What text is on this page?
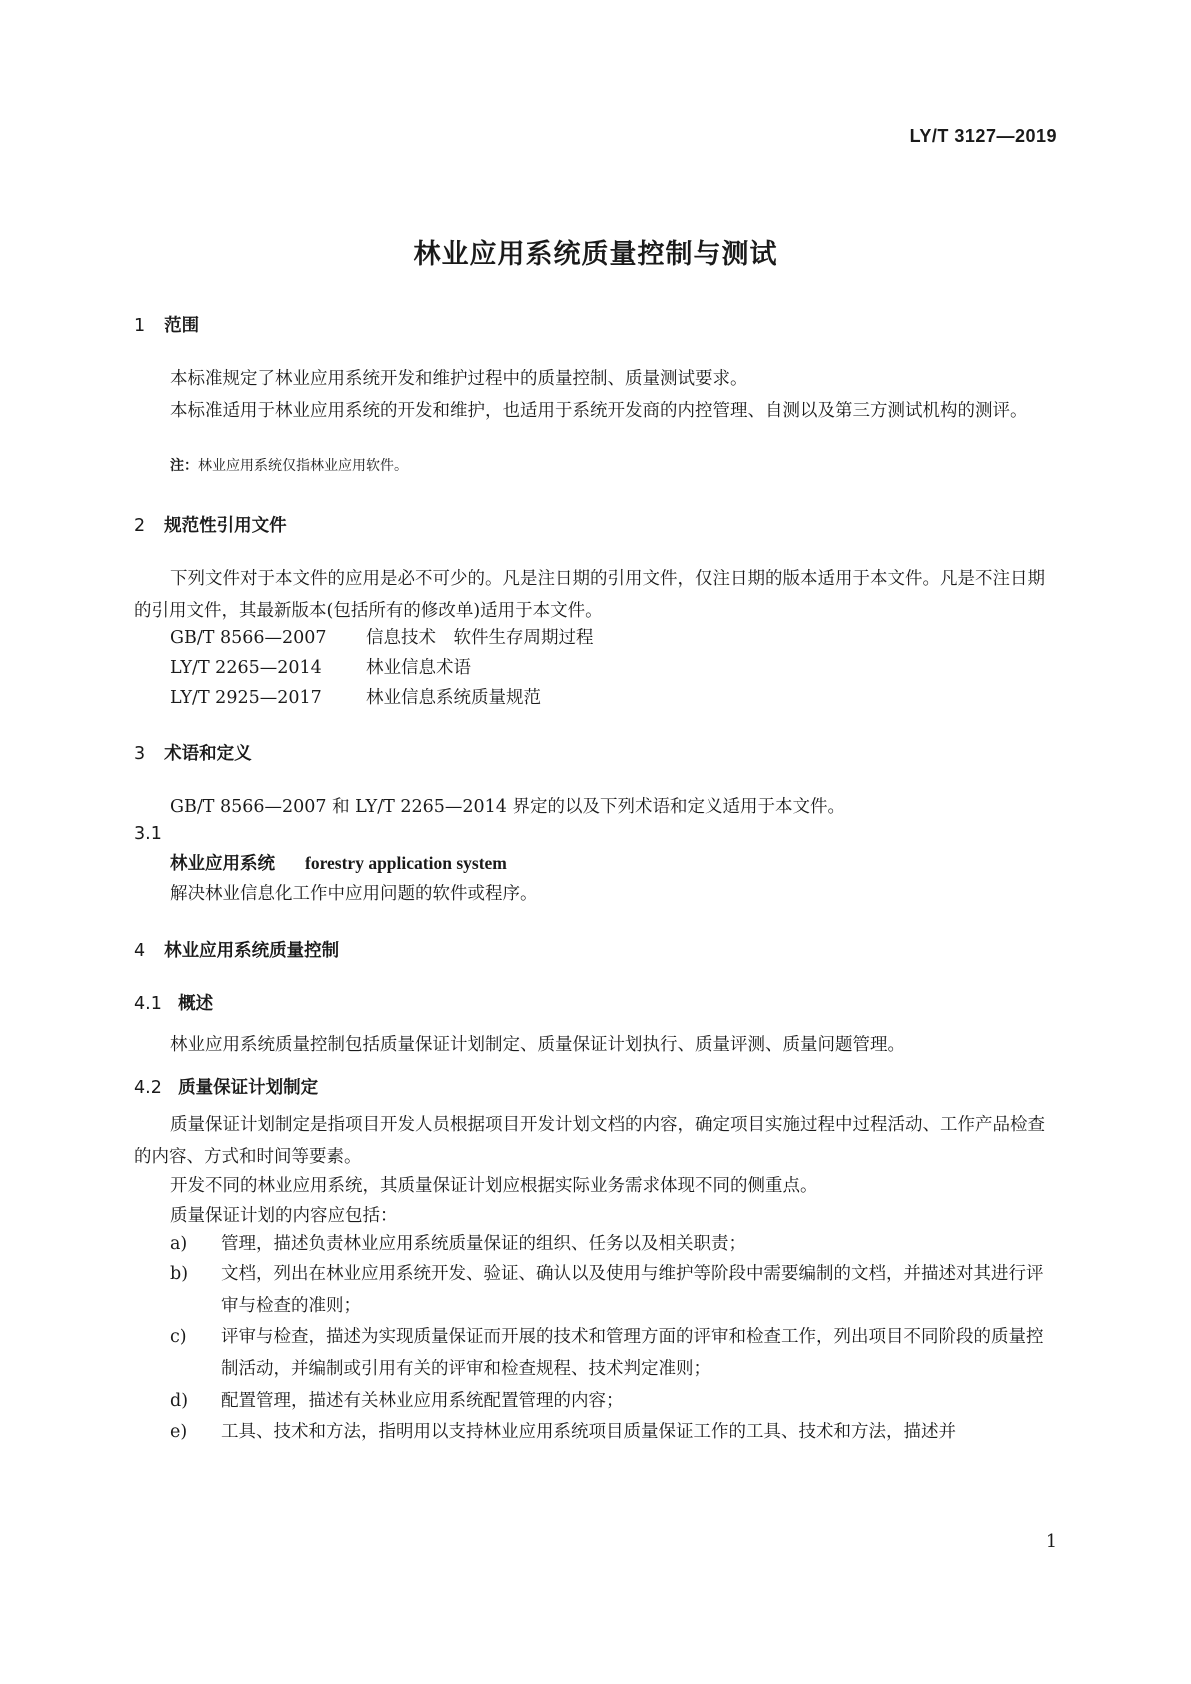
LY/T 3127—2019
林业应用系统质量控制与测试
1 范围
本标准规定了林业应用系统开发和维护过程中的质量控制、质量测试要求。
本标准适用于林业应用系统的开发和维护，也适用于系统开发商的内控管理、自测以及第三方测试机构的测评。
注：林业应用系统仅指林业应用软件。
2 规范性引用文件
下列文件对于本文件的应用是必不可少的。凡是注日期的引用文件，仅注日期的版本适用于本文件。凡是不注日期的引用文件，其最新版本(包括所有的修改单)适用于本文件。
GB/T 8566—2007 信息技术　软件生存周期过程
LY/T 2265—2014	林业信息术语
LY/T 2925—2017	林业信息系统质量规范
3 术语和定义
GB/T 8566—2007 和 LY/T 2265—2014 界定的以及下列术语和定义适用于本文件。
3.1
林业应用系统 forestry application system
解决林业信息化工作中应用问题的软件或程序。
4 林业应用系统质量控制
4.1 概述
林业应用系统质量控制包括质量保证计划制定、质量保证计划执行、质量评测、质量问题管理。
4.2 质量保证计划制定
质量保证计划制定是指项目开发人员根据项目开发计划文档的内容，确定项目实施过程中过程活动、工作产品检查的内容、方式和时间等要素。
开发不同的林业应用系统，其质量保证计划应根据实际业务需求体现不同的侧重点。
质量保证计划的内容应包括：
a)	管理，描述负责林业应用系统质量保证的组织、任务以及相关职责；
b)	文档，列出在林业应用系统开发、验证、确认以及使用与维护等阶段中需要编制的文档，并描述对其进行评审与检查的准则；
c)	评审与检查，描述为实现质量保证而开展的技术和管理方面的评审和检查工作，列出项目不同阶段的质量控制活动，并编制或引用有关的评审和检查规程、技术判定准则；
d)	配置管理，描述有关林业应用系统配置管理的内容；
e)	工具、技术和方法，指明用以支持林业应用系统项目质量保证工作的工具、技术和方法，描述并
1
